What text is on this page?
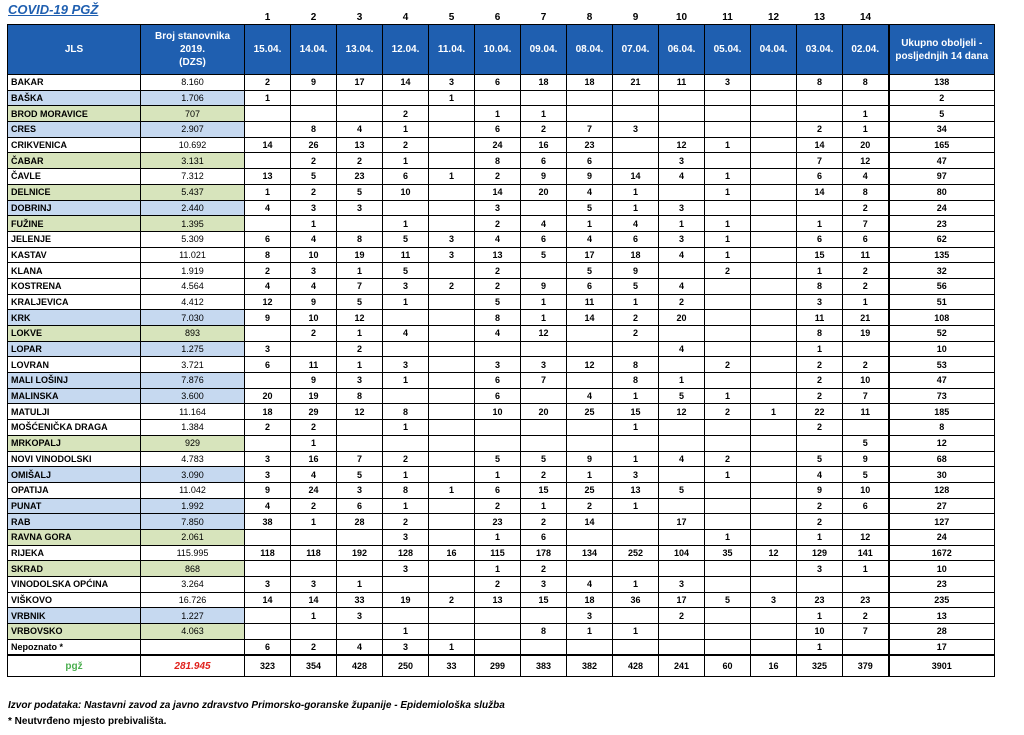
COVID-19 PGŽ
			1	2	3	4	5	6	7	8	9	10	11	12	13	14	
JLS	Broj stanovnika
2019.
(DZS)	15.04.	14.04.	13.04.	12.04.	11.04.	10.04.	09.04.	08.04.	07.04.	06.04.	05.04.	04.04.	03.04.	02.04.	Ukupno oboljeli -
posljednjih 14 dana
BAKAR	8.160	2	9	17	14	3	6	18	18	21	11	3		8	8	138
BAŠKA	1.706	1				1										2
BROD MORAVICE	707				2		1	1							1	5
CRES	2.907		8	4	1		6	2	7	3				2	1	34
CRIKVENICA	10.692	14	26	13	2		24	16	23		12	1		14	20	165
ČABAR	3.131		2	2	1		8	6	6		3			7	12	47
ČAVLE	7.312	13	5	23	6	1	2	9	9	14	4	1		6	4	97
DELNICE	5.437	1	2	5	10		14	20	4	1		1		14	8	80
DOBRINJ	2.440	4	3	3			3		5	1	3				2	24
FUŽINE	1.395		1		1		2	4	1	4	1	1		1	7	23
JELENJE	5.309	6	4	8	5	3	4	6	4	6	3	1		6	6	62
KASTAV	11.021	8	10	19	11	3	13	5	17	18	4	1		15	11	135
KLANA	1.919	2	3	1	5		2		5	9		2		1	2	32
KOSTRENA	4.564	4	4	7	3	2	2	9	6	5	4			8	2	56
KRALJEVICA	4.412	12	9	5	1		5	1	11	1	2			3	1	51
KRK	7.030	9	10	12			8	1	14	2	20			11	21	108
LOKVE	893		2	1	4		4	12		2				8	19	52
LOPAR	1.275	3		2							4			1		10
LOVRAN	3.721	6	11	1	3		3	3	12	8		2		2	2	53
MALI LOŠINJ	7.876		9	3	1		6	7		8	1			2	10	47
MALINSKA	3.600	20	19	8			6		4	1	5	1		2	7	73
MATULJI	11.164	18	29	12	8		10	20	25	15	12	2	1	22	11	185
MOŠĆENIČKA DRAGA	1.384	2	2		1					1				2		8
MRKOPALJ	929		1												5	12
NOVI VINODOLSKI	4.783	3	16	7	2		5	5	9	1	4	2		5	9	68
OMIŠALJ	3.090	3	4	5	1		1	2	1	3		1		4	5	30
OPATIJA	11.042	9	24	3	8	1	6	15	25	13	5			9	10	128
PUNAT	1.992	4	2	6	1		2	1	2	1				2	6	27
RAB	7.850	38	1	28	2		23	2	14		17			2		127
RAVNA GORA	2.061				3		1	6				1		1	12	24
RIJEKA	115.995	118	118	192	128	16	115	178	134	252	104	35	12	129	141	1672
SKRAD	868				3		1	2						3	1	10
VINODOLSKA OPĆINA	3.264	3	3	1			2	3	4	1	3					23
VIŠKOVO	16.726	14	14	33	19	2	13	15	18	36	17	5	3	23	23	235
VRBNIK	1.227		1	3					3		2			1	2	13
VRBOVSKO	4.063				1			8	1	1				10	7	28
Nepoznato *		6	2	4	3	1								1		17
pgž	281.945	323	354	428	250	33	299	383	382	428	241	60	16	325	379	3901
Izvor podataka: Nastavni zavod za javno zdravstvo Primorsko-goranske županije - Epidemiološka služba
* Neutvrđeno mjesto prebivališta.
